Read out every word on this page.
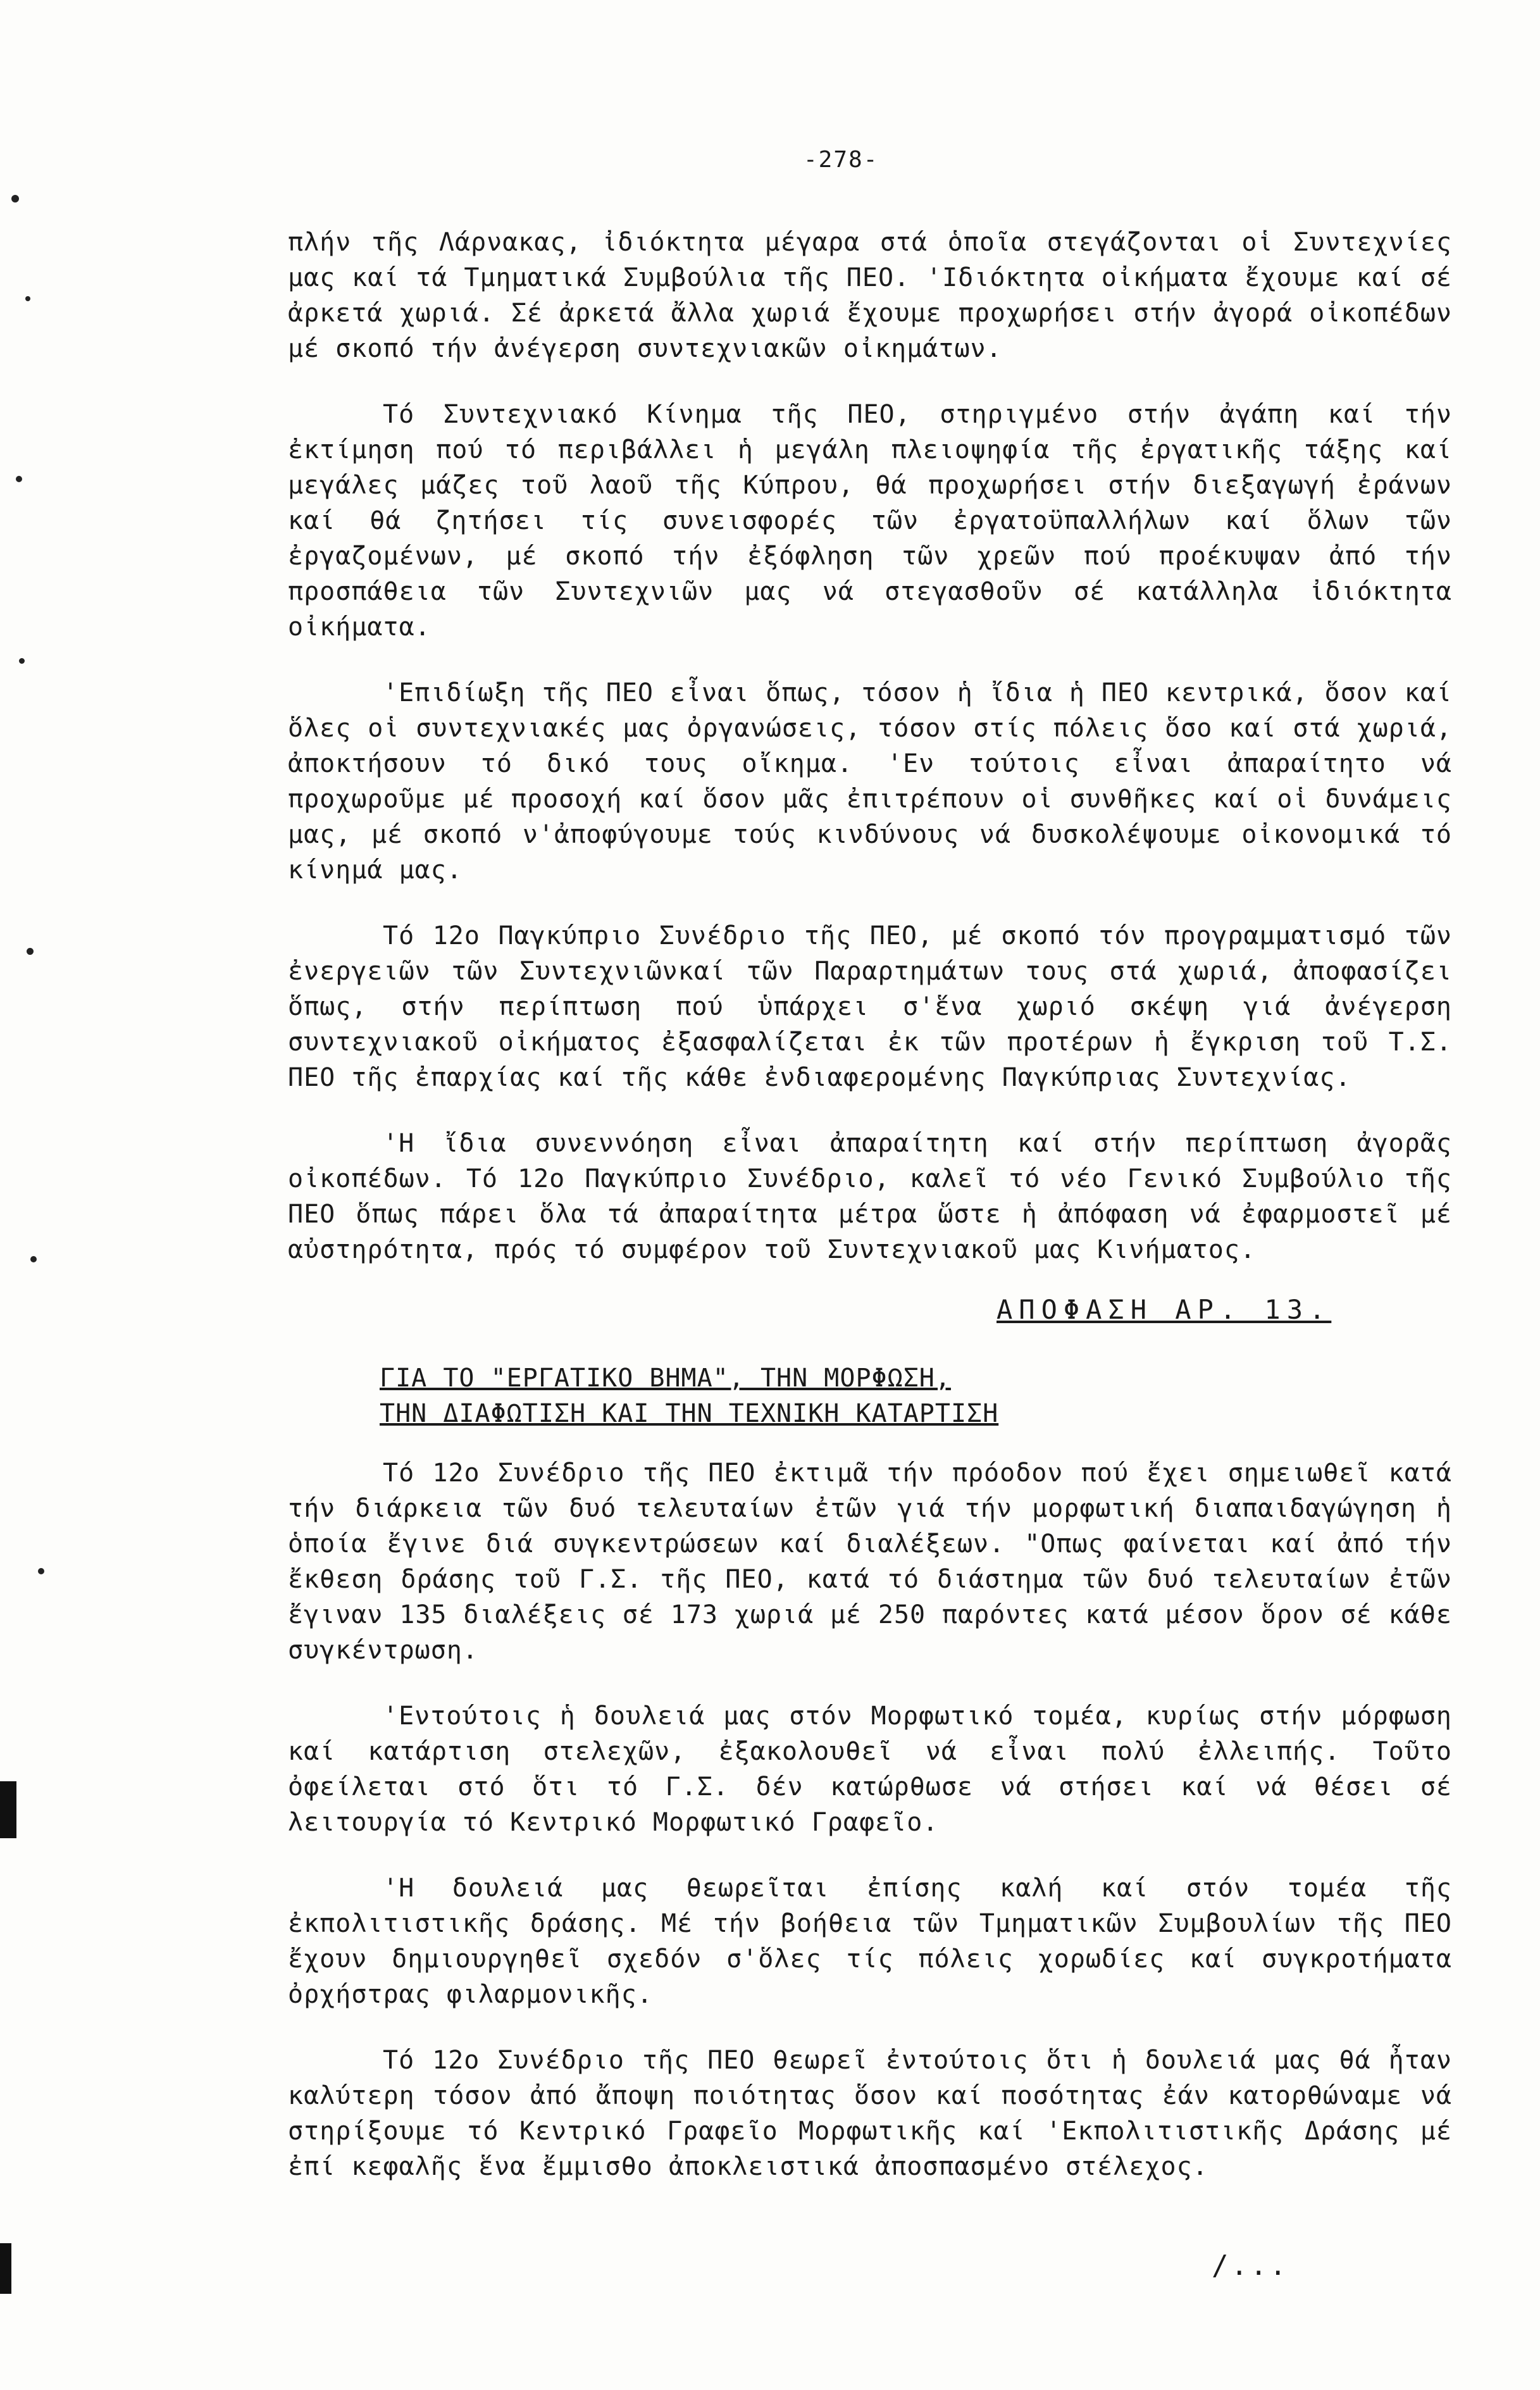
-278-

πλήν τῆς Λάρνακας, ἰδιόκτητα μέγαρα στά ὁποῖα στεγάζονται οἱ Συντεχνίες μας καί τά Τμηματικά Συμβούλια τῆς ΠΕΟ. 'Ιδιόκτητα οἰκήματα ἔχουμε καί σέ ἀρκετά χωριά. Σέ ἀρκετά ἄλλα χωριά ἔχουμε προχωρήσει στήν ἀγορά οἰκοπέδων μέ σκοπό τήν ἀνέγερση συντεχνιακῶν οἰκημάτων.

Τό Συντεχνιακό Κίνημα τῆς ΠΕΟ, στηριγμένο στήν ἀγάπη καί τήν ἐκτίμηση πού τό περιβάλλει ἡ μεγάλη πλειοψηφία τῆς ἐργατικῆς τάξης καί μεγάλες μάζες τοῦ λαοῦ τῆς Κύπρου, θά προχωρήσει στήν διεξαγωγή ἐράνων καί θά ζητήσει τίς συνεισφορές τῶν ἐργατοϋπαλλήλων καί ὅλων τῶν ἐργαζομένων, μέ σκοπό τήν ἐξόφληση τῶν χρεῶν πού προέκυψαν ἀπό τήν προσπάθεια τῶν Συντεχνιῶν μας νά στεγασθοῦν σέ κατάλληλα ἰδιόκτητα οἰκήματα.

'Επιδίωξη τῆς ΠΕΟ εἶναι ὅπως, τόσον ἡ ἴδια ἡ ΠΕΟ κεντρικά, ὅσον καί ὅλες οἱ συντεχνιακές μας ὀργανώσεις, τόσον στίς πόλεις ὅσο καί στά χωριά, ἀποκτήσουν τό δικό τους οἴκημα. 'Εν τούτοις εἶναι ἀπαραίτητο νά προχωροῦμε μέ προσοχή καί ὅσον μᾶς ἐπιτρέπουν οἱ συνθῆκες καί οἱ δυνάμεις μας, μέ σκοπό ν'ἀποφύγουμε τούς κινδύνους νά δυσκολέψουμε οἰκονομικά τό κίνημά μας.

Τό 12ο Παγκύπριο Συνέδριο τῆς ΠΕΟ, μέ σκοπό τόν προγραμματισμό τῶν ἐνεργειῶν τῶν Συντεχνιῶνκαί τῶν Παραρτημάτων τους στά χωριά, ἀποφασίζει ὅπως, στήν περίπτωση πού ὑπάρχει σ'ἕνα χωριό σκέψη γιά ἀνέγερση συντεχνιακοῦ οἰκήματος ἐξασφαλίζεται ἐκ τῶν προτέρων ἡ ἔγκριση τοῦ Τ.Σ. ΠΕΟ τῆς ἐπαρχίας καί τῆς κάθε ἐνδιαφερομένης Παγκύπριας Συντεχνίας.

'Η ἴδια συνεννόηση εἶναι ἀπαραίτητη καί στήν περίπτωση ἀγορᾶς οἰκοπέδων. Τό 12ο Παγκύπριο Συνέδριο, καλεῖ τό νέο Γενικό Συμβούλιο τῆς ΠΕΟ ὅπως πάρει ὅλα τά ἀπαραίτητα μέτρα ὥστε ἡ ἀπόφαση νά ἐφαρμοστεῖ μέ αὐστηρότητα, πρός τό συμφέρον τοῦ Συντεχνιακοῦ μας Κινήματος.

ΑΠΟΦΑΣΗ ΑΡ. 13.
ΓΙΑ ΤΟ "ΕΡΓΑΤΙΚΟ ΒΗΜΑ", ΤΗΝ ΜΟΡΦΩΣΗ,
ΤΗΝ ΔΙΑΦΩΤΙΣΗ ΚΑΙ ΤΗΝ ΤΕΧΝΙΚΗ ΚΑΤΑΡΤΙΣΗ

Τό 12ο Συνέδριο τῆς ΠΕΟ ἐκτιμᾶ τήν πρόοδον πού ἔχει σημειωθεῖ κατά τήν διάρκεια τῶν δυό τελευταίων ἐτῶν γιά τήν μορφωτική διαπαιδαγώγηση ἡ ὁποία ἔγινε διά συγκεντρώσεων καί διαλέξεων. "Οπως φαίνεται καί ἀπό τήν ἔκθεση δράσης τοῦ Γ.Σ. τῆς ΠΕΟ, κατά τό διάστημα τῶν δυό τελευταίων ἐτῶν ἔγιναν 135 διαλέξεις σέ 173 χωριά μέ 250 παρόντες κατά μέσον ὅρον σέ κάθε συγκέντρωση.

'Εντούτοις ἡ δουλειά μας στόν Μορφωτικό τομέα, κυρίως στήν μόρφωση καί κατάρτιση στελεχῶν, ἐξακολουθεῖ νά εἶναι πολύ ἐλλειπής. Τοῦτο ὀφείλεται στό ὅτι τό Γ.Σ. δέν κατώρθωσε νά στήσει καί νά θέσει σέ λειτουργία τό Κεντρικό Μορφωτικό Γραφεῖο.

'Η δουλειά μας θεωρεῖται ἐπίσης καλή καί στόν τομέα τῆς ἐκπολιτιστικῆς δράσης. Μέ τήν βοήθεια τῶν Τμηματικῶν Συμβουλίων τῆς ΠΕΟ ἔχουν δημιουργηθεῖ σχεδόν σ'ὅλες τίς πόλεις χορωδίες καί συγκροτήματα ὀρχήστρας φιλαρμονικῆς.

Τό 12ο Συνέδριο τῆς ΠΕΟ θεωρεῖ ἐντούτοις ὅτι ἡ δουλειά μας θά ἦταν καλύτερη τόσον ἀπό ἄποψη ποιότητας ὅσον καί ποσότητας ἐάν κατορθώναμε νά στηρίξουμε τό Κεντρικό Γραφεῖο Μορφωτικῆς καί 'Εκπολιτιστικῆς Δράσης μέ ἐπί κεφαλῆς ἕνα ἔμμισθο ἀποκλειστικά ἀποσπασμένο στέλεχος.

/...
